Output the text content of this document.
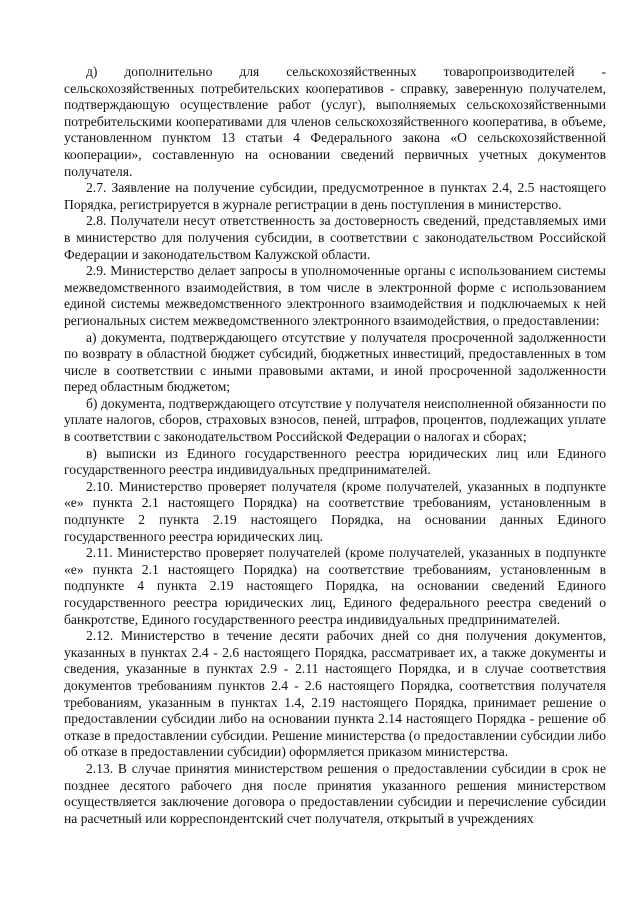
д) дополнительно для сельскохозяйственных товаропроизводителей - сельскохозяйственных потребительских кооперативов - справку, заверенную получателем, подтверждающую осуществление работ (услуг), выполняемых сельскохозяйственными потребительскими кооперативами для членов сельскохозяйственного кооператива, в объеме, установленном пунктом 13 статьи 4 Федерального закона «О сельскохозяйственной кооперации», составленную на основании сведений первичных учетных документов получателя.

2.7. Заявление на получение субсидии, предусмотренное в пунктах 2.4, 2.5 настоящего Порядка, регистрируется в журнале регистрации в день поступления в министерство.

2.8. Получатели несут ответственность за достоверность сведений, представляемых ими в министерство для получения субсидии, в соответствии с законодательством Российской Федерации и законодательством Калужской области.

2.9. Министерство делает запросы в уполномоченные органы с использованием системы межведомственного взаимодействия, в том числе в электронной форме с использованием единой системы межведомственного электронного взаимодействия и подключаемых к ней региональных систем межведомственного электронного взаимодействия, о предоставлении:

а) документа, подтверждающего отсутствие у получателя просроченной задолженности по возврату в областной бюджет субсидий, бюджетных инвестиций, предоставленных в том числе в соответствии с иными правовыми актами, и иной просроченной задолженности перед областным бюджетом;

б) документа, подтверждающего отсутствие у получателя неисполненной обязанности по уплате налогов, сборов, страховых взносов, пеней, штрафов, процентов, подлежащих уплате в соответствии с законодательством Российской Федерации о налогах и сборах;

в) выписки из Единого государственного реестра юридических лиц или Единого государственного реестра индивидуальных предпринимателей.

2.10. Министерство проверяет получателя (кроме получателей, указанных в подпункте «е» пункта 2.1 настоящего Порядка) на соответствие требованиям, установленным в подпункте 2 пункта 2.19 настоящего Порядка, на основании данных Единого государственного реестра юридических лиц.

2.11. Министерство проверяет получателей (кроме получателей, указанных в подпункте «е» пункта 2.1 настоящего Порядка) на соответствие требованиям, установленным в подпункте 4 пункта 2.19 настоящего Порядка, на основании сведений Единого государственного реестра юридических лиц, Единого федерального реестра сведений о банкротстве, Единого государственного реестра индивидуальных предпринимателей.

2.12. Министерство в течение десяти рабочих дней со дня получения документов, указанных в пунктах 2.4 - 2.6 настоящего Порядка, рассматривает их, а также документы и сведения, указанные в пунктах 2.9 - 2.11 настоящего Порядка, и в случае соответствия документов требованиям пунктов 2.4 - 2.6 настоящего Порядка, соответствия получателя требованиям, указанным в пунктах 1.4, 2.19 настоящего Порядка, принимает решение о предоставлении субсидии либо на основании пункта 2.14 настоящего Порядка - решение об отказе в предоставлении субсидии. Решение министерства (о предоставлении субсидии либо об отказе в предоставлении субсидии) оформляется приказом министерства.

2.13. В случае принятия министерством решения о предоставлении субсидии в срок не позднее десятого рабочего дня после принятия указанного решения министерством осуществляется заключение договора о предоставлении субсидии и перечисление субсидии на расчетный или корреспондентский счет получателя, открытый в учреждениях
